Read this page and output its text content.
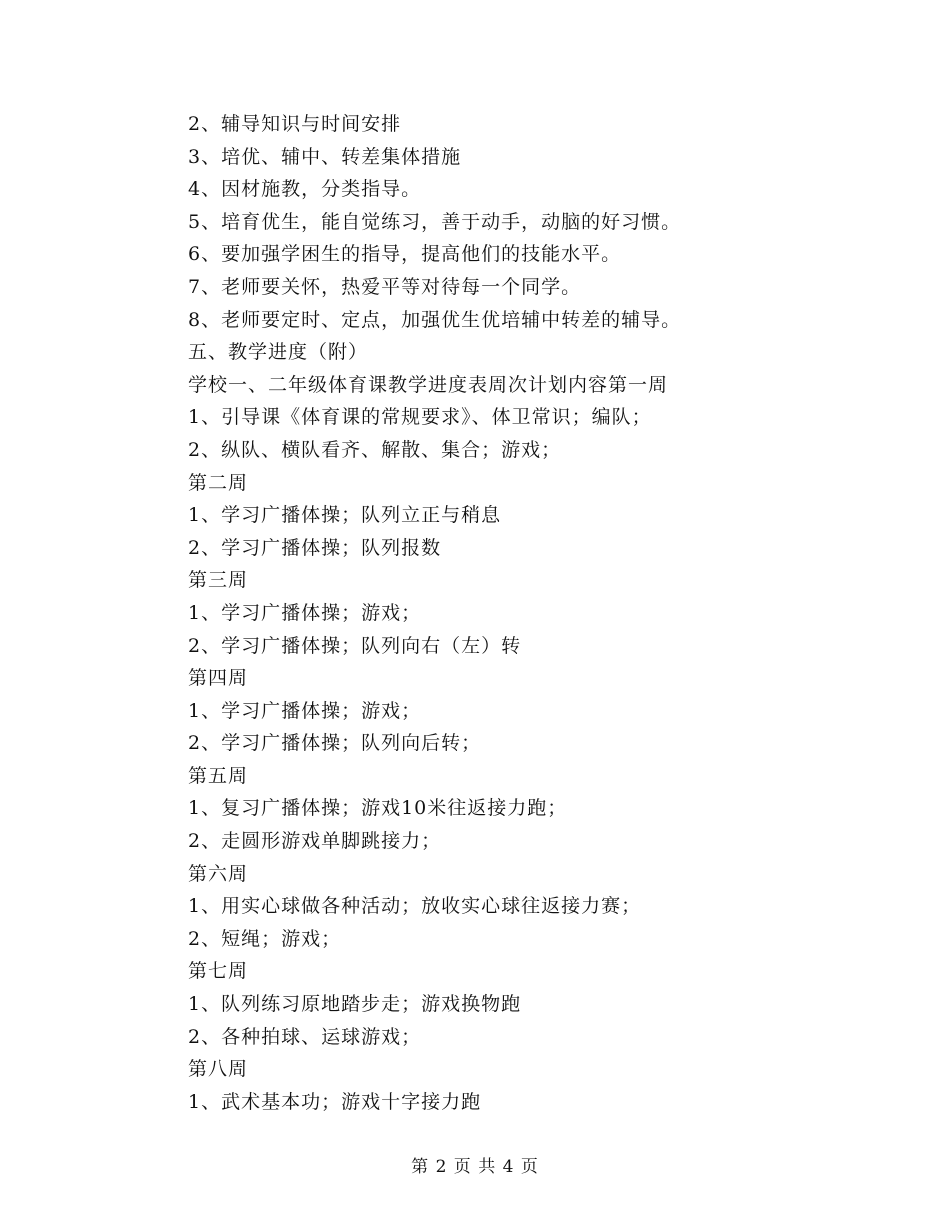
2、辅导知识与时间安排
3、培优、辅中、转差集体措施
4、因材施教，分类指导。
5、培育优生，能自觉练习，善于动手，动脑的好习惯。
6、要加强学困生的指导，提高他们的技能水平。
7、老师要关怀，热爱平等对待每一个同学。
8、老师要定时、定点，加强优生优培辅中转差的辅导。
五、教学进度（附）
学校一、二年级体育课教学进度表周次计划内容第一周
1、引导课《体育课的常规要求》、体卫常识；编队；
2、纵队、横队看齐、解散、集合；游戏；
第二周
1、学习广播体操；队列立正与稍息
2、学习广播体操；队列报数
第三周
1、学习广播体操；游戏；
2、学习广播体操；队列向右（左）转
第四周
1、学习广播体操；游戏；
2、学习广播体操；队列向后转；
第五周
1、复习广播体操；游戏10米往返接力跑；
2、走圆形游戏单脚跳接力；
第六周
1、用实心球做各种活动；放收实心球往返接力赛；
2、短绳；游戏；
第七周
1、队列练习原地踏步走；游戏换物跑
2、各种拍球、运球游戏；
第八周
1、武术基本功；游戏十字接力跑
第 2 页 共 4 页
